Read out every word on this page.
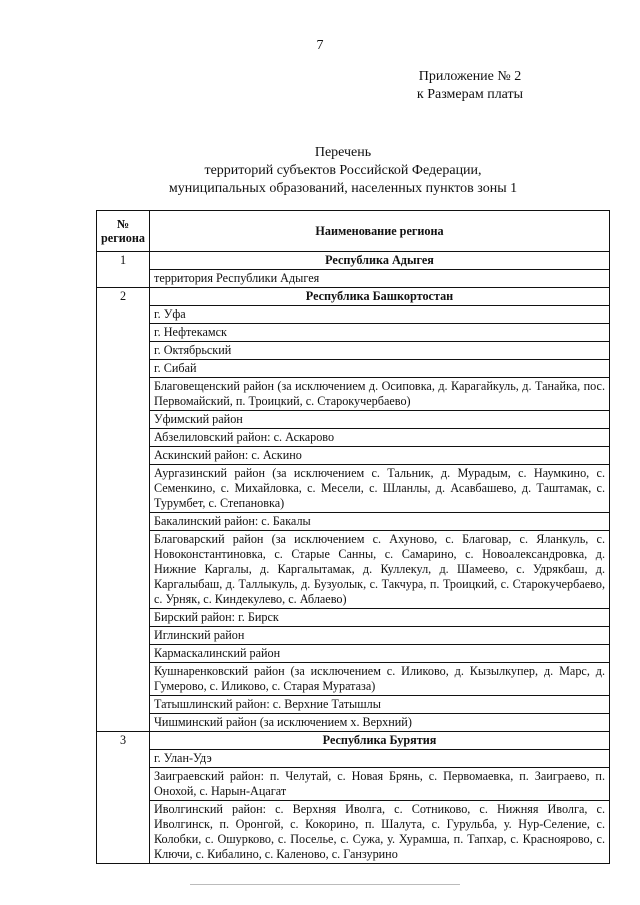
7
Приложение № 2
к Размерам платы
Перечень
территорий субъектов Российской Федерации,
муниципальных образований, населенных пунктов зоны 1
№ региона	Наименование региона
1	Республика Адыгея
	территория Республики Адыгея
2	Республика Башкортостан
	г. Уфа
	г. Нефтекамск
	г. Октябрьский
	г. Сибай
	Благовещенский район (за исключением д. Осиповка, д. Карагайкуль, д. Танайка, пос. Первомайский, п. Троицкий, с. Старокучербаево)
	Уфимский район
	Абзелиловский район: с. Аскарово
	Аскинский район: с. Аскино
	Аургазинский район (за исключением с. Тальник, д. Мурадым, с. Наумкино, с. Семенкино, с. Михайловка, с. Месели, с. Шланлы, д. Асавбашево, д. Таштамак, с. Турумбет, с. Степановка)
	Бакалинский район: с. Бакалы
	Благоварский район (за исключением с. Ахуново, с. Благовар, с. Яланкуль, с. Новоконстантиновка, с. Старые Санны, с. Самарино, с. Новоалександровка, д. Нижние Каргалы, д. Каргалытамак, д. Куллекул, д. Шамеево, с. Удрякбаш, д. Каргалыбаш, д. Таллыкуль, д. Бузуолык, с. Такчура, п. Троицкий, с. Старокучербаево, с. Урняк, с. Киндекулево, с. Аблаево)
	Бирский район: г. Бирск
	Иглинский район
	Кармаскалинский район
	Кушнаренковский район (за исключением с. Иликово, д. Кызылкупер, д. Марс, д. Гумерово, с. Иликово, с. Старая Муратаза)
	Татышлинский район: с. Верхние Татышлы
	Чишминский район (за исключением х. Верхний)
3	Республика Бурятия
	г. Улан-Удэ
	Заиграевский район: п. Челутай, с. Новая Брянь, с. Первомаевка, п. Заиграево, п. Онохой, с. Нарын-Ацагат
	Иволгинский район: с. Верхняя Иволга, с. Сотниково, с. Нижняя Иволга, с. Иволгинск, п. Оронгой, с. Кокорино, п. Шалута, с. Гурульба, у. Нур-Селение, с. Колобки, с. Ошурково, с. Поселье, с. Сужа, у. Хурамша, п. Тапхар, с. Красноярово, с. Ключи, с. Кибалино, с. Каленово, с. Ганзурино
